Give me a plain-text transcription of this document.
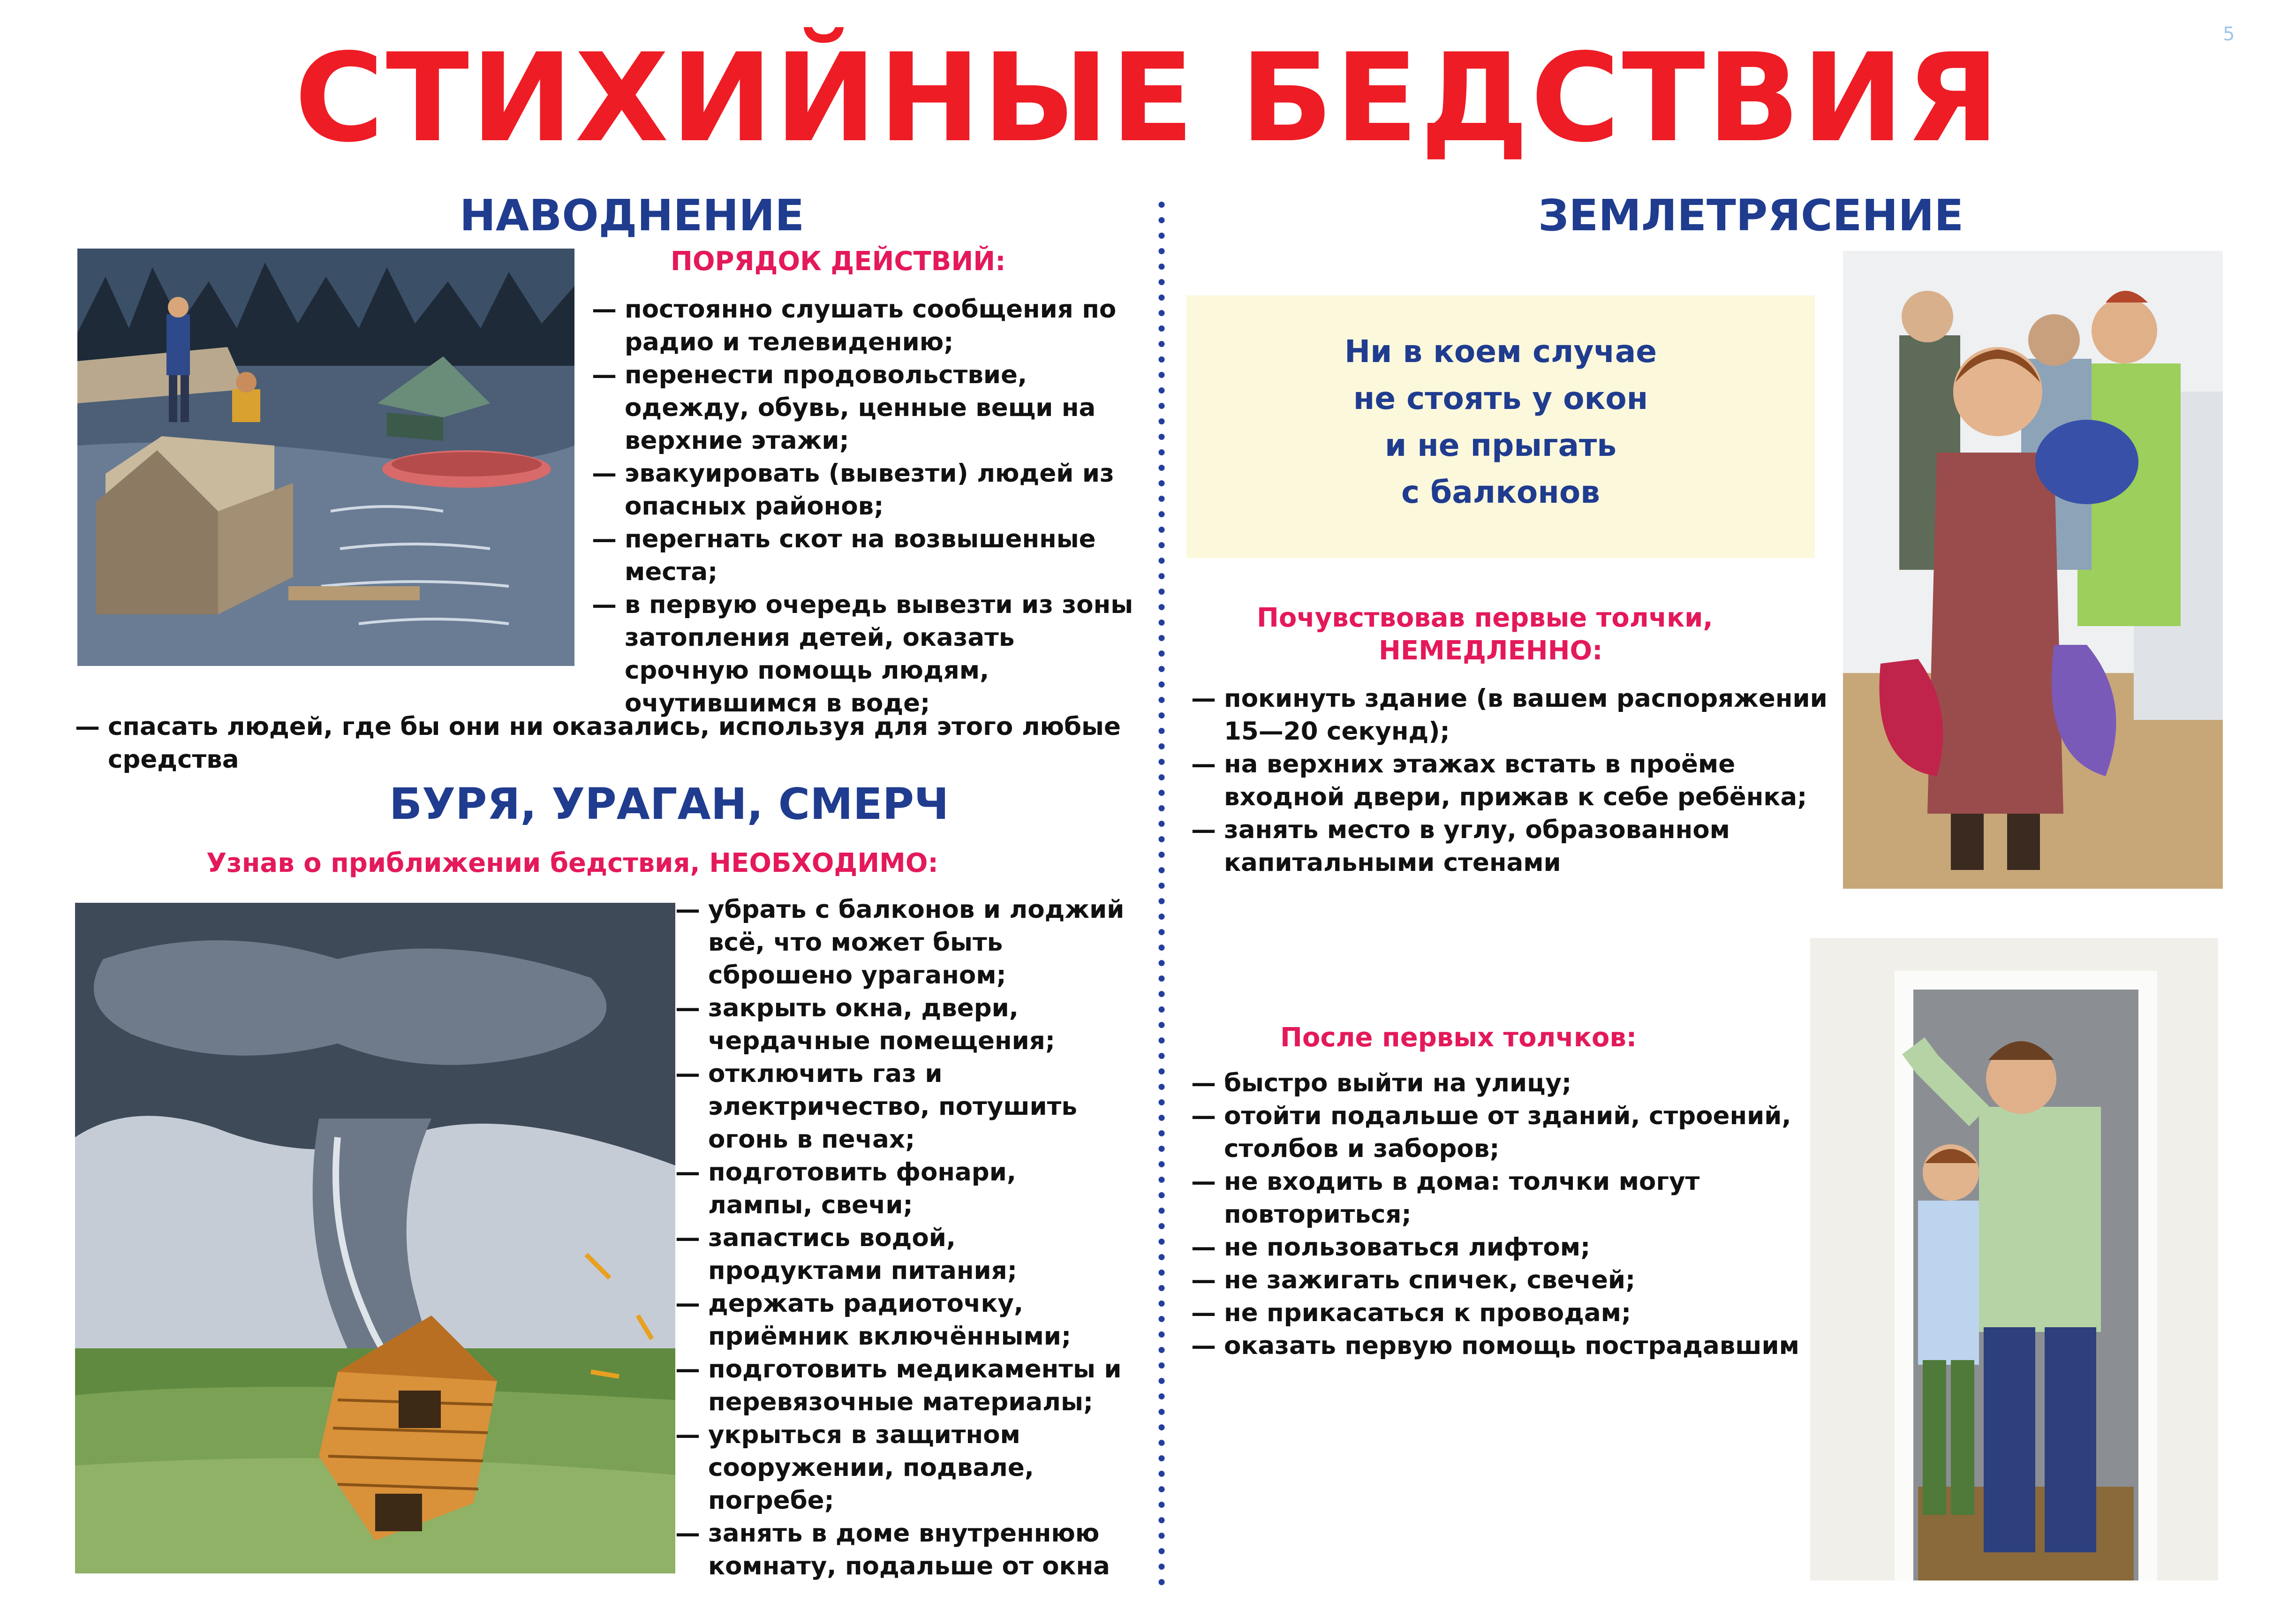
СТИХИЙНЫЕ БЕДСТВИЯ	5
НАВОДНЕНИЕ
ПОРЯДОК ДЕЙСТВИЙ:
— постоянно слушать сообщения по радио и телевидению;
— перенести продовольствие, одежду, обувь, ценные вещи на верхние этажи;
— эвакуировать (вывезти) людей из опасных районов;
— перегнать скот на возвышенные места;
— в первую очередь вывезти из зоны затопления детей, оказать срочную помощь людям, очутившимся в воде;
— спасать людей, где бы они ни оказались, используя для этого любые средства
БУРЯ, УРАГАН, СМЕРЧ
Узнав о приближении бедствия, НЕОБХОДИМО:
— убрать с балконов и лоджий всё, что может быть сброшено ураганом;
— закрыть окна, двери, чердачные помещения;
— отключить газ и электричество, потушить огонь в печах;
— подготовить фонари, лампы, свечи;
— запастись водой, продуктами питания;
— держать радиоточку, приёмник включёнными;
— подготовить медикаменты и перевязочные материалы;
— укрыться в защитном сооружении, подвале, погребе;
— занять в доме внутреннюю комнату, подальше от окна
ЗЕМЛЕТРЯСЕНИЕ
Ни в коем случае
не стоять у окон
и не прыгать
с балконов
Почувствовав первые толчки,
НЕМЕДЛЕННО:
— покинуть здание (в вашем распоряжении 15—20 секунд);
— на верхних этажах встать в проёме входной двери, прижав к себе ребёнка;
— занять место в углу, образованном капитальными стенами
После первых толчков:
— быстро выйти на улицу;
— отойти подальше от зданий, строений, столбов и заборов;
— не входить в дома: толчки могут повториться;
— не пользоваться лифтом;
— не зажигать спичек, свечей;
— не прикасаться к проводам;
— оказать первую помощь пострадавшим
